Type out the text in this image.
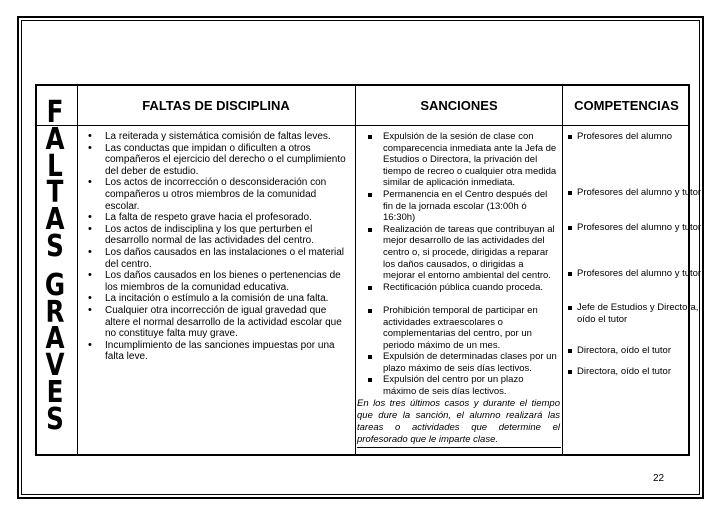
F
A
L
T
A
S
G
R
A
V
E
S
FALTAS DE DISCIPLINA	SANCIONES	COMPETENCIAS
• La reiterada y sistemática comisión de faltas leves.
• Las conductas que impidan o dificulten a otros compañeros el ejercicio del derecho o el cumplimiento del deber de estudio.
• Los actos de incorrección o desconsideración con compañeros u otros miembros de la comunidad escolar.
• La falta de respeto grave hacia el profesorado.
• Los actos de indisciplina y los que perturben el desarrollo normal de las actividades del centro.
• Los daños causados en las instalaciones o el material del centro.
• Los daños causados en los bienes o pertenencias de los miembros de la comunidad educativa.
• La incitación o estímulo a la comisión de una falta.
• Cualquier otra incorrección de igual gravedad que altere el normal desarrollo de la actividad escolar que no constituye falta muy grave.
• Incumplimiento de las sanciones impuestas por una falta leve.
Expulsión de la sesión de clase con comparecencia inmediata ante la Jefa de Estudios o Directora, la privación del tiempo de recreo o cualquier otra medida similar de aplicación inmediata.
Permanencia en el Centro después del fin de la jornada escolar (13:00h ó 16:30h)
Realización de tareas que contribuyan al mejor desarrollo de las actividades del centro o, si procede, dirigidas a reparar los daños causados, o dirigidas a mejorar el entorno ambiental del centro.
Rectificación pública cuando proceda.
Prohibición temporal de participar en actividades extraescolares o complementarias del centro, por un periodo máximo de un mes.
Expulsión de determinadas clases por un plazo máximo de seis días lectivos.
Expulsión del centro por un plazo máximo de seis días lectivos.
En los tres últimos casos y durante el tiempo que dure la sanción, el alumno realizará las tareas o actividades que determine el profesorado que le imparte clase.
Profesores del alumno
Profesores del alumno y tutor
Profesores del alumno y tutor
Profesores del alumno y tutor
Jefe de Estudios y Directora, oído el tutor
Directora, oído el tutor
Directora, oído el tutor
22
